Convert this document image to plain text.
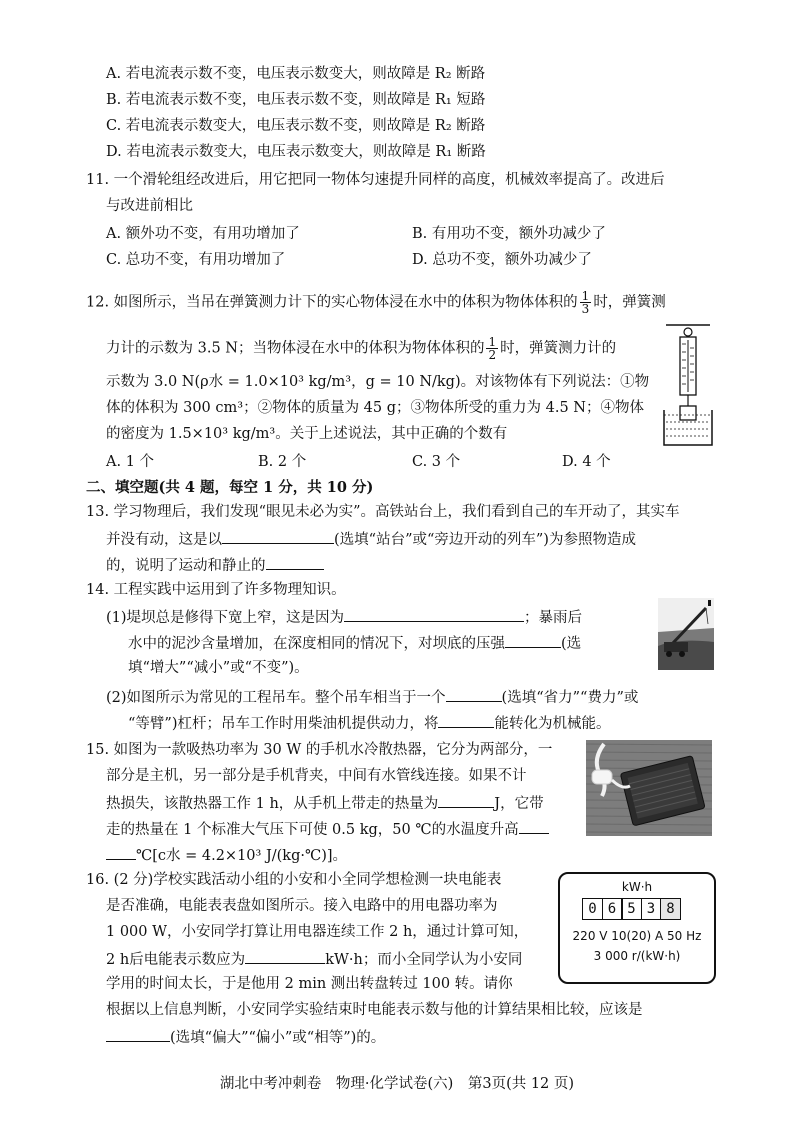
A. 若电流表示数不变，电压表示数变大，则故障是 R₂ 断路
B. 若电流表示数不变，电压表示数不变，则故障是 R₁ 短路
C. 若电流表示数变大，电压表示数不变，则故障是 R₂ 断路
D. 若电流表示数变大，电压表示数变大，则故障是 R₁ 断路
11. 一个滑轮组经改进后，用它把同一物体匀速提升同样的高度，机械效率提高了。改进后
与改进前相比
A. 额外功不变，有用功增加了	B. 有用功不变，额外功减少了
C. 总功不变，有用功增加了	D. 总功不变，额外功减少了
12. 如图所示，当吊在弹簧测力计下的实心物体浸在水中的体积为物体体积的 $\frac{1}{3}$ 时，弹簧测
力计的示数为 3.5 N；当物体浸在水中的体积为物体体积的 $\frac{1}{2}$ 时，弹簧测力计的
示数为 3.0 N(ρ水 = 1.0×10³ kg/m³，g = 10 N/kg)。对该物体有下列说法：①物
体的体积为 300 cm³；②物体的质量为 45 g；③物体所受的重力为 4.5 N；④物体
的密度为 1.5×10³ kg/m³。关于上述说法，其中正确的个数有
A. 1 个	B. 2 个	C. 3 个	D. 4 个
二、填空题(共 4 题，每空 1 分，共 10 分)
13. 学习物理后，我们发现“眼见未必为实”。高铁站台上，我们看到自己的车开动了，其实车
并没有动，这是以	(选填“站台”或“旁边开动的列车”)为参照物造成
的，说明了运动和静止的
14. 工程实践中运用到了许多物理知识。
(1)堤坝总是修得下宽上窄，这是因为	；暴雨后
水中的泥沙含量增加，在深度相同的情况下，对坝底的压强	(选
填“增大”“减小”或“不变”)。
(2)如图所示为常见的工程吊车。整个吊车相当于一个	(选填“省力”“费力”或
“等臂”)杠杆；吊车工作时用柴油机提供动力，将	能转化为机械能。
15. 如图为一款吸热功率为 30 W 的手机水冷散热器，它分为两部分，一
部分是主机，另一部分是手机背夹，中间有水管线连接。如果不计
热损失，该散热器工作 1 h，从手机上带走的热量为	J，它带
走的热量在 1 个标准大气压下可使 0.5 kg，50 ℃的水温度升高
℃[c水 = 4.2×10³ J/(kg·℃)]。
16. (2 分)学校实践活动小组的小安和小全同学想检测一块电能表
是否准确，电能表表盘如图所示。接入电路中的用电器功率为
1 000 W，小安同学打算让用电器连续工作 2 h，通过计算可知，
2 h后电能表示数应为	kW·h；而小全同学认为小安同
学用的时间太长，于是他用 2 min 测出转盘转过 100 转。请你
根据以上信息判断，小安同学实验结束时电能表示数与他的计算结果相比较，应该是
(选填“偏大”“偏小”或“相等”)的。
kW·h
0 6 5 3 8
220 V 10(20) A 50 Hz
3 000 r/(kW·h)
湖北中考冲刺卷　物理·化学试卷(六)　第3页(共 12 页)
